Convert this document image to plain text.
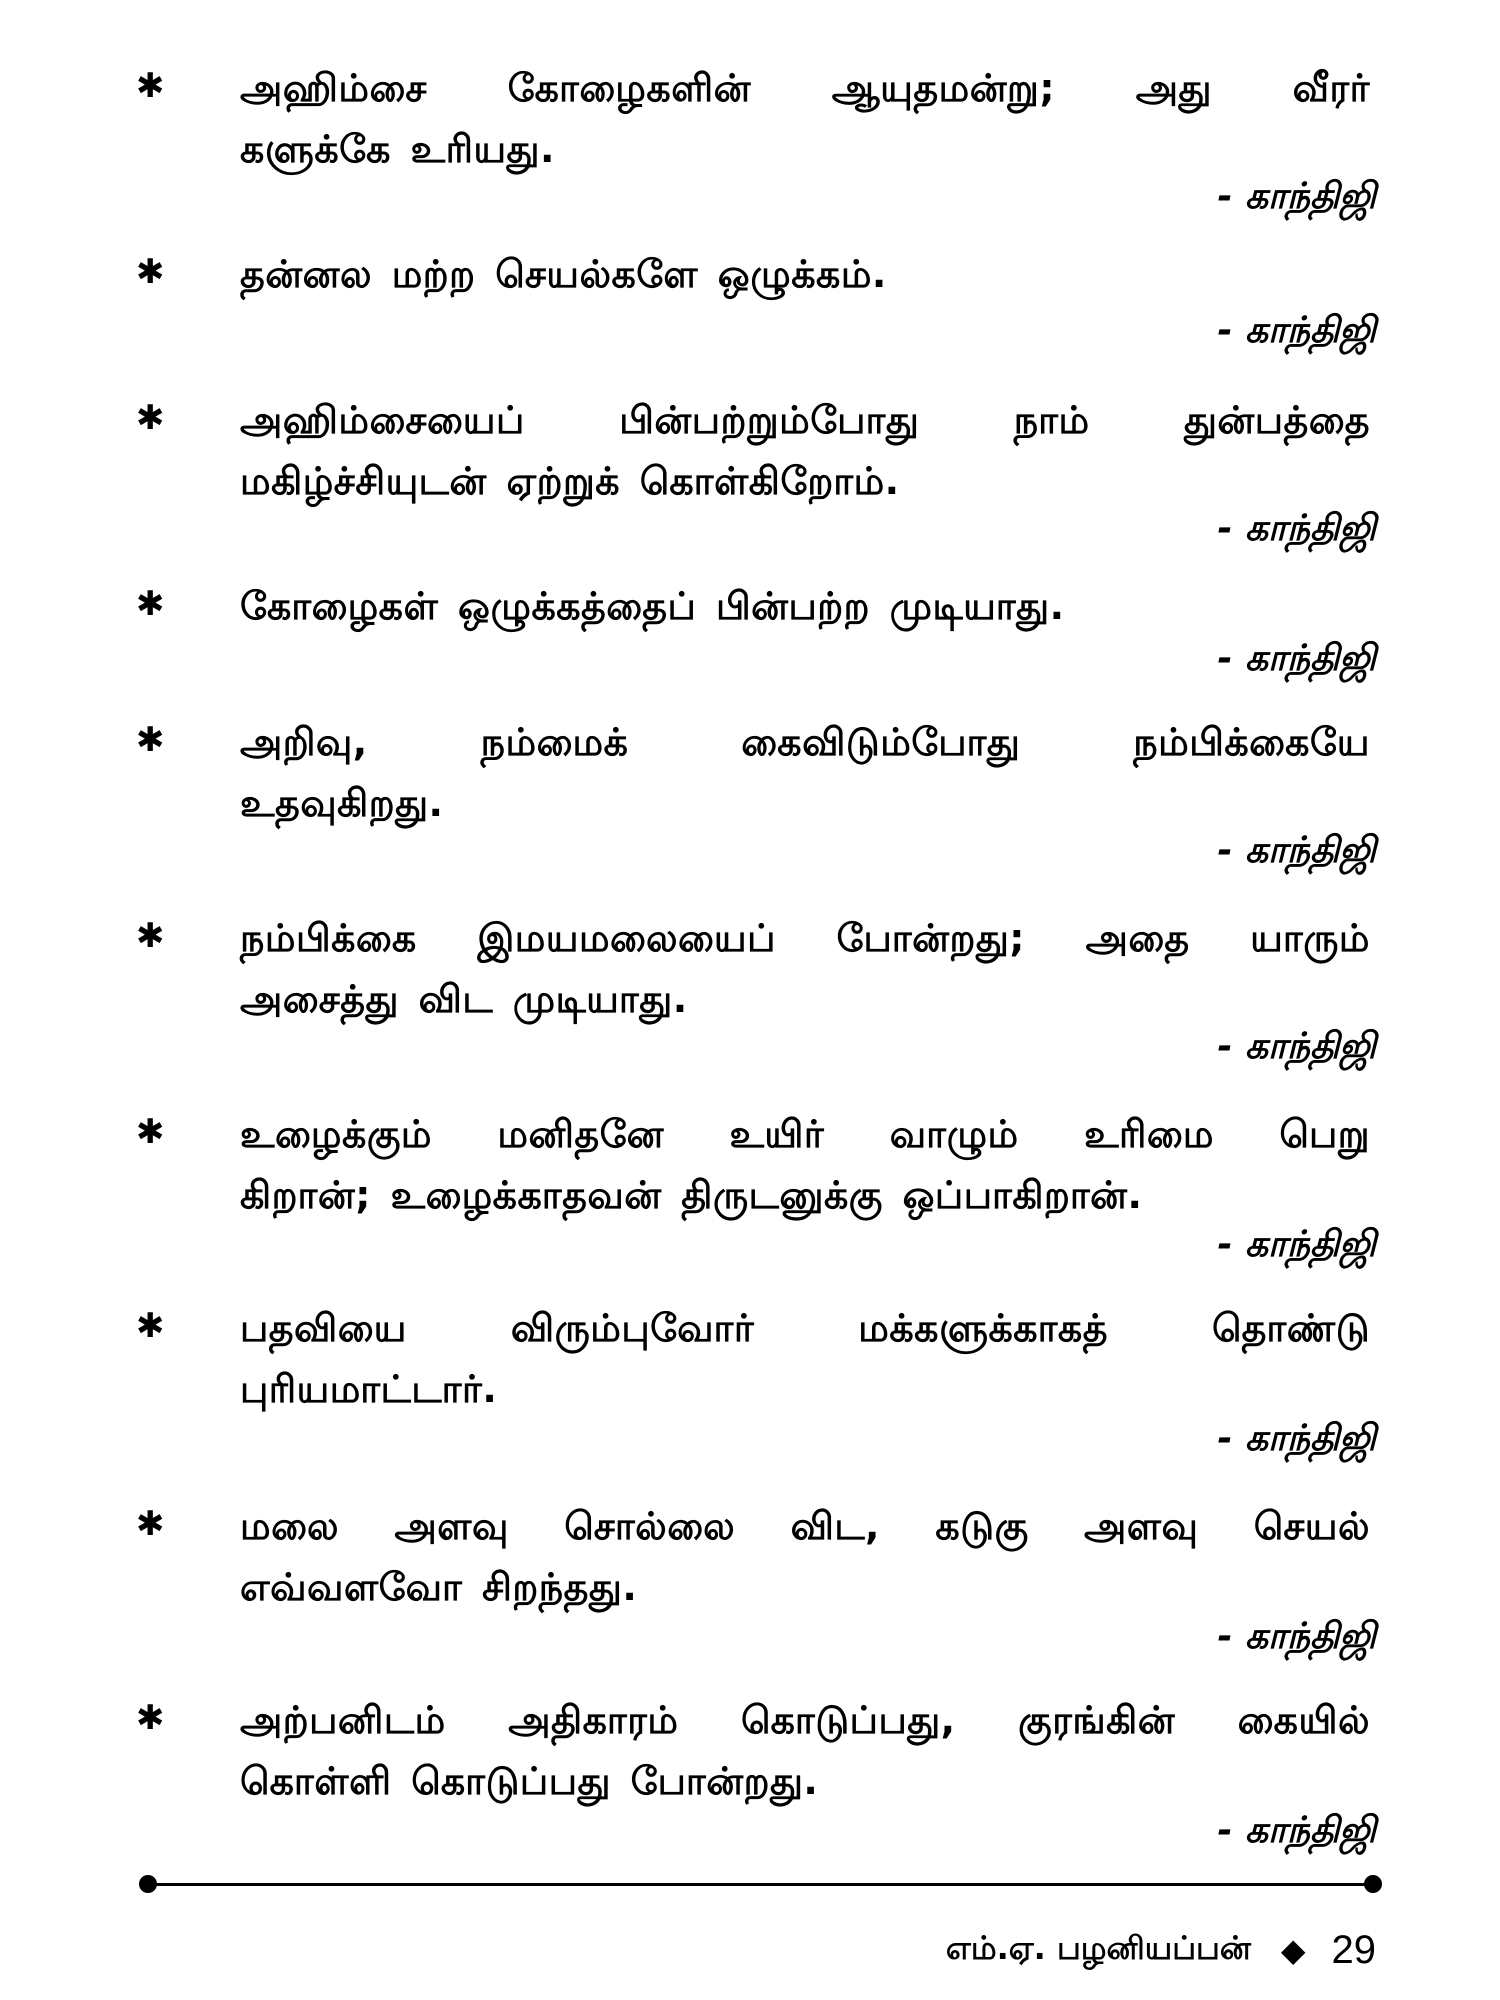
✱	அஹிம்சை கோழைகளின் ஆயுதமன்று; அது வீரர்
களுக்கே உரியது.
- காந்திஜி
✱	தன்னல மற்ற செயல்களே ஒழுக்கம்.
- காந்திஜி
✱	அஹிம்சையைப் பின்பற்றும்போது நாம் துன்பத்தை
மகிழ்ச்சியுடன் ஏற்றுக் கொள்கிறோம்.
- காந்திஜி
✱	கோழைகள் ஒழுக்கத்தைப் பின்பற்ற முடியாது.
- காந்திஜி
✱	அறிவு, நம்மைக் கைவிடும்போது நம்பிக்கையே
உதவுகிறது.
- காந்திஜி
✱	நம்பிக்கை இமயமலையைப் போன்றது; அதை யாரும்
அசைத்து விட முடியாது.
- காந்திஜி
✱	உழைக்கும் மனிதனே உயிர் வாழும் உரிமை பெறு
கிறான்; உழைக்காதவன் திருடனுக்கு ஒப்பாகிறான்.
- காந்திஜி
✱	பதவியை விரும்புவோர் மக்களுக்காகத் தொண்டு
புரியமாட்டார்.
- காந்திஜி
✱	மலை அளவு சொல்லை விட, கடுகு அளவு செயல்
எவ்வளவோ சிறந்தது.
- காந்திஜி
✱	அற்பனிடம் அதிகாரம் கொடுப்பது, குரங்கின் கையில்
கொள்ளி கொடுப்பது போன்றது.
- காந்திஜி
எம்.ஏ. பழனியப்பன் ◆ 29
